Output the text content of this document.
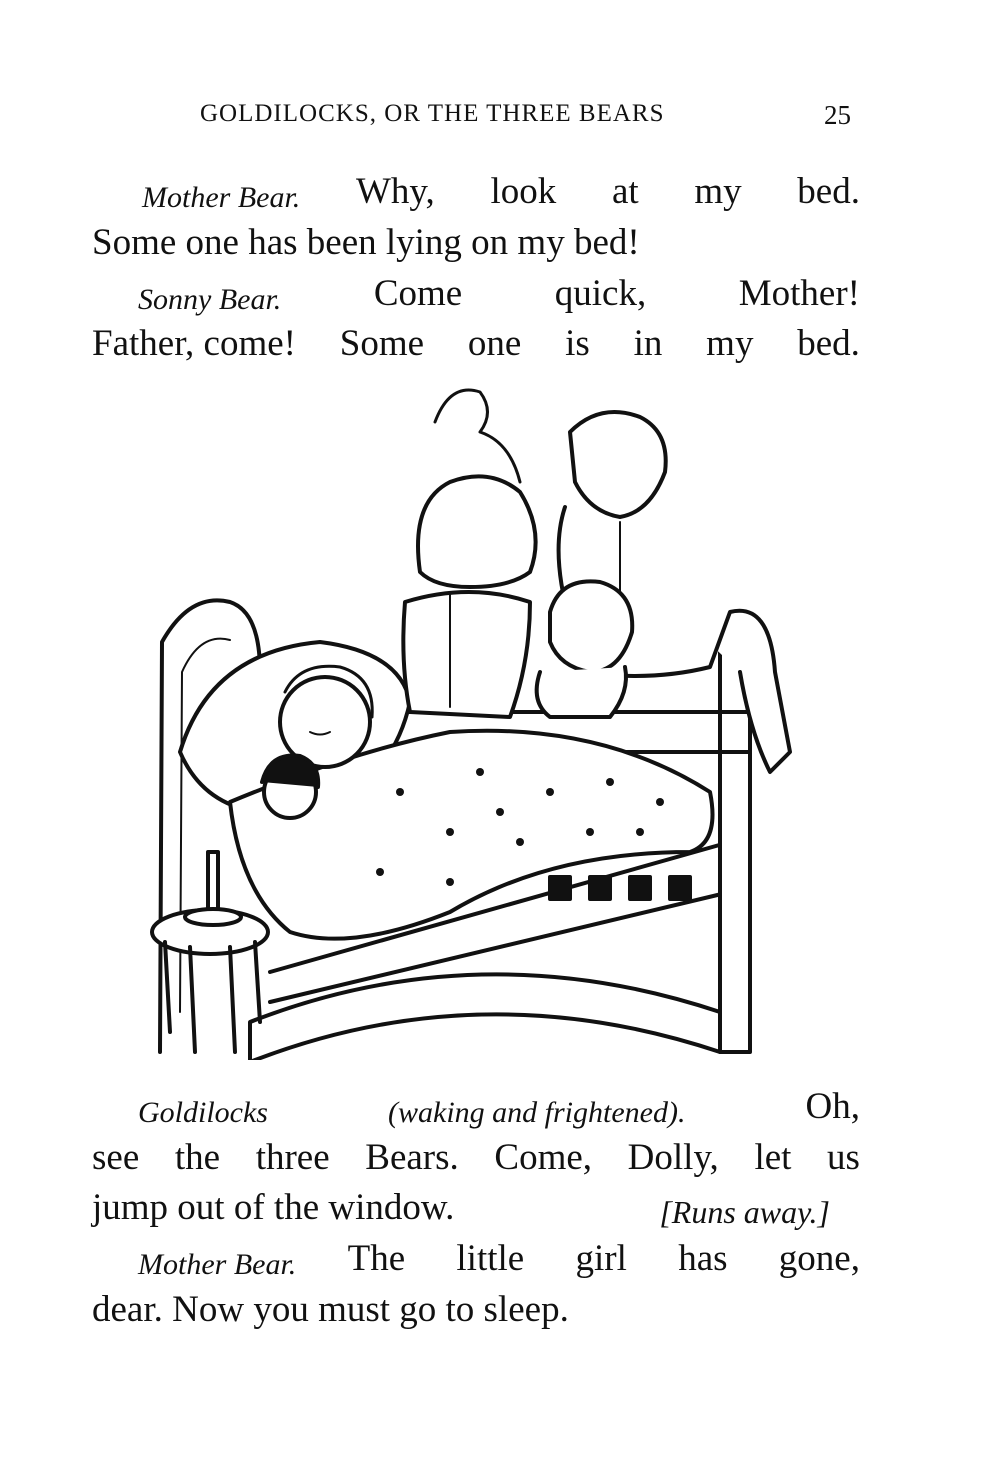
GOLDILOCKS, OR THE THREE BEARS	25
Mother Bear. Why, look at my bed.
Some one has been lying on my bed!
Sonny Bear.	Come	quick,	Mother!
Father, come! Some one is in my bed.
Goldilocks	(waking and frightened).	Oh,
see the three Bears. Come, Dolly, let us
jump out of the window.	[Runs away.]
Mother Bear. The little girl has gone,
dear. Now you must go to sleep.
